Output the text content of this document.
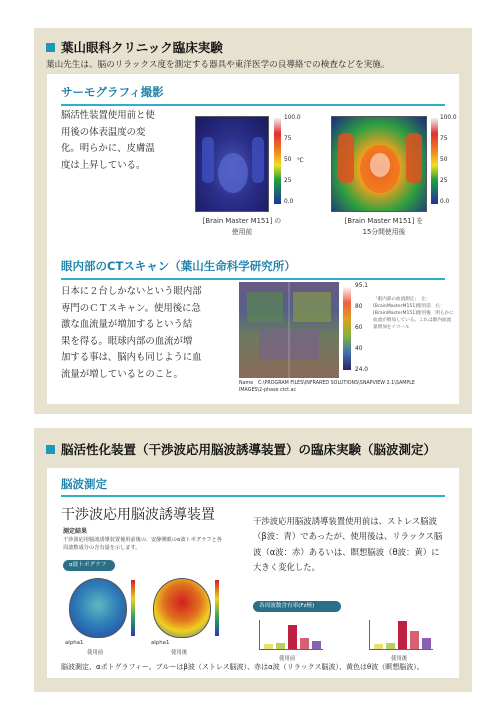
葉山眼科クリニック臨床実験
葉山先生は、脳のリラックス度を測定する器具や東洋医学の良導絡での検査などを実施。
サーモグラフィ撮影
脳活性装置使用前と使
用後の体表温度の変
化。明らかに、皮膚温
度は上昇している。
100.0
75
50
25
0.0
℃
[Brain Master M151] の
使用前
100.0
75
50
25
0.0
[Brain Master M151] を
15分間使用後
眼内部のCTスキャン（葉山生命科学研究所）
日本に２台しかないという眼内部
専門のＣＴスキャン。使用後に急
激な血流量が増加するという結
果を得る。眼球内部の血流が増
加する事は、脳内も同じように血
流量が増しているとのこと。
95.1
80
60
40
24.0
「眼内部の血流測定」　左：[BrainMasterM151]使用前　右：[BrainMasterM151]使用後　明らかに血流が増加している。これは眼内血流量増加をイコール
Name　C:\PROGRAM FILES\INFRARED SOLUTIONS\SNAPVIEW 2.1\SAMPLE IMAGES\2-phase ctct.ac
脳活性化装置（干渉波応用脳波誘導装置）の臨床実験（脳波測定）
脳波測定
干渉波応用脳波誘導装置
測定結果
干渉波応用脳波誘導装置使用前後の、安静開眼のα波トポグラフと各周波数成分の含有量を示します。
α波トポグラフ
alpha1
使用前
alpha1
使用後
干渉波応用脳波誘導装置使用前は、ストレス脳波
（β波：青）であったが、使用後は、リラックス脳
波（α波：赤）あるいは、瞑想脳波（θ波：黄）に
大きく変化した。
各周波数含有率(Fz極)
使用前	使用後
脳波測定、αポトグラフィー。ブルーはβ波（ストレス脳波）、赤はα波（リラックス脳波）、黄色はθ波（瞑想脳波）。
